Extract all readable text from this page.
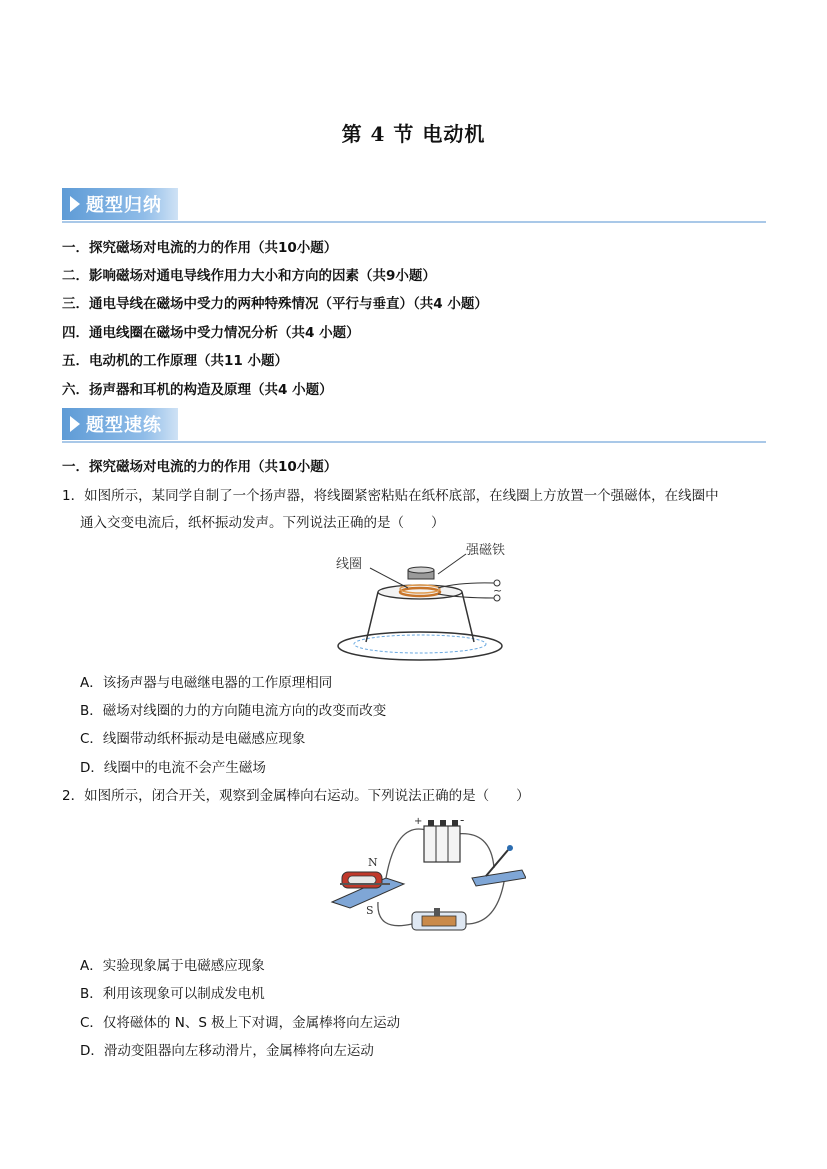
第 4 节 电动机
题型归纳
一．探究磁场对电流的力的作用（共10小题）
二．影响磁场对通电导线作用力大小和方向的因素（共9小题）
三．通电导线在磁场中受力的两种特殊情况（平行与垂直）（共4 小题）
四．通电线圈在磁场中受力情况分析（共4 小题）
五．电动机的工作原理（共11 小题）
六．扬声器和耳机的构造及原理（共4 小题）
题型速练
一．探究磁场对电流的力的作用（共10小题）
1．如图所示，某同学自制了一个扬声器，将线圈紧密粘贴在纸杯底部，在线圈上方放置一个强磁体，在线圈中
通入交变电流后，纸杯振动发声。下列说法正确的是（　　）
线圈
强磁铁
~
A．该扬声器与电磁继电器的工作原理相同
B．磁场对线圈的力的方向随电流方向的改变而改变
C．线圈带动纸杯振动是电磁感应现象
D．线圈中的电流不会产生磁场
2．如图所示，闭合开关，观察到金属棒向右运动。下列说法正确的是（　　）
+	-
N
S
A．实验现象属于电磁感应现象
B．利用该现象可以制成发电机
C．仅将磁体的 N、S 极上下对调，金属棒将向左运动
D．滑动变阻器向左移动滑片，金属棒将向左运动
